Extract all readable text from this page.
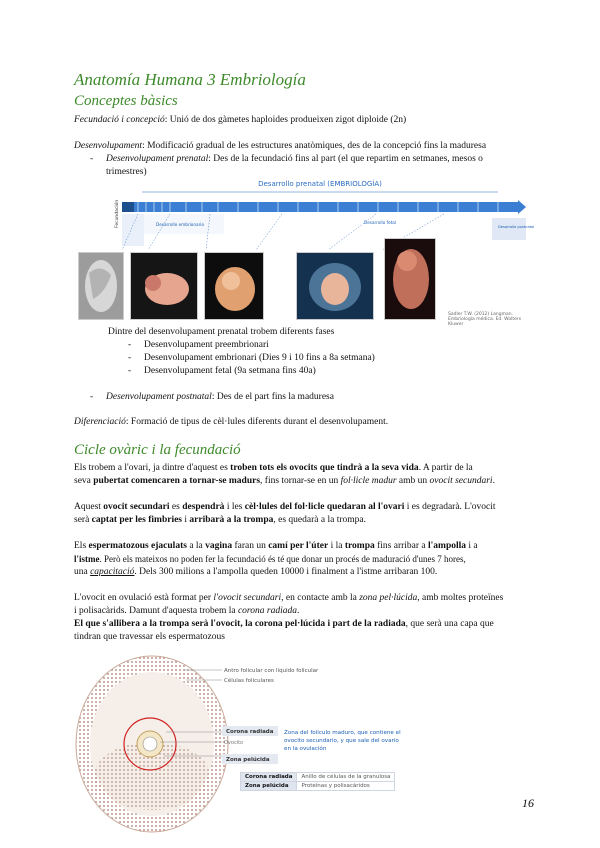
Anatomía Humana 3 Embriología
Conceptes bàsics
Fecundació i concepció: Unió de dos gàmetes haploides produeixen zigot diploide (2n)
Desenvolupament: Modificació gradual de les estructures anatòmiques, des de la concepció fins la maduresa
- Desenvolupament prenatal: Des de la fecundació fins al part (el que repartim en setmanes, mesos o
trimestres)
Desarrollo prenatal (EMBRIOLOGÍA)
Fecundación	Desarrollo embrionario	Desarrollo fetal
Desarrollo postnatal
Sadler T.W. (2012) Langman. Embriología médica. Ed. Wolters Kluwer
Dintre del desenvolupament prenatal trobem diferents fases
- Desenvolupament preembrionari
- Desenvolupament embrionari (Dies 9 i 10 fins a 8a setmana)
- Desenvolupament fetal (9a setmana fins 40a)
- Desenvolupament postnatal: Des de el part fins la maduresa
Diferenciació: Formació de tipus de cèl·lules diferents durant el desenvolupament.
Cicle ovàric i la fecundació
Els trobem a l'ovari, ja dintre d'aquest es troben tots els ovocits que tindrà a la seva vida. A partir de la
seva pubertat comencaren a tornar-se madurs, fins tornar-se en un fol·licle madur amb un ovocit secundari.
Aquest ovocit secundari es despendrà i les cèl·lules del fol·licle quedaran al l'ovari i es degradarà. L'ovocit
serà captat per les fimbries i arribarà a la trompa, es quedarà a la trompa.
Els espermatozous ejaculats a la vagina faran un camí per l'úter i la trompa fins arribar a l'ampolla i a
l'istme. Però els mateixos no poden fer la fecundació és té que donar un procés de maduració d'unes 7 hores,
una capacitació. Dels 300 milions a l'ampolla queden 10000 i finalment a l'istme arribaran 100.
L'ovocit en ovulació està format per l'ovocit secundari, en contacte amb la zona pel·lúcida, amb moltes proteïnes
i polisacàrids. Damunt d'aquesta trobem la corona radiada.
El que s'allibera a la trompa serà l'ovocit, la corona pel·lúcida i part de la radiada, que serà una capa que
tindran que travessar els espermatozous
Antro folicular con líquido folicular
Células foliculares
Corona radiada
Ovocito
Zona pelúcida
Zona del folículo maduro, que contiene el
ovocito secundario, y que sale del ovario
en la ovulación
Corona radiada	Anillo de células de la granulosa
Zona pelúcida	Proteínas y polisacáridos
16
